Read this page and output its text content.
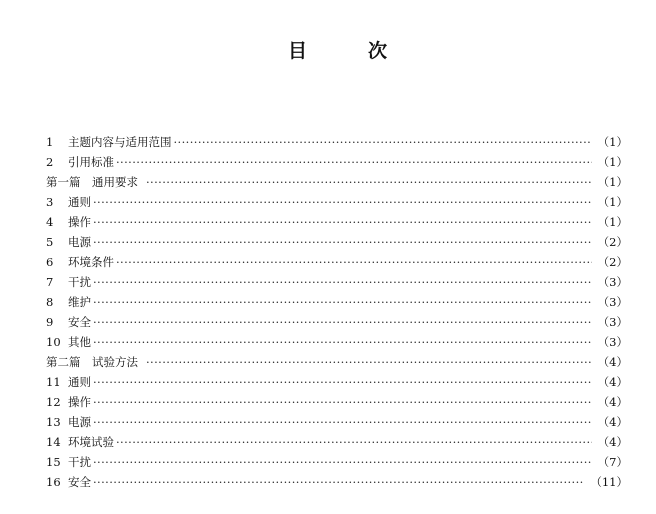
目	次
1	主题内容与适用范围 ·····	（1）
2	引用标准 ·····	（1）
第一篇　通用要求 ·····	（1）
3	通则 ·····	（1）
4	操作 ·····	（1）
5	电源 ·····	（2）
6	环境条件 ·····	（2）
7	干扰 ·····	（3）
8	维护 ·····	（3）
9	安全 ·····	（3）
10 其他 ·····	（3）
第二篇　试验方法 ·····	（4）
11 通则 ·····	（4）
12 操作 ·····	（4）
13 电源 ·····	（4）
14 环境试验 ·····	（4）
15 干扰 ·····	（7）
16 安全 ·····	（11）
